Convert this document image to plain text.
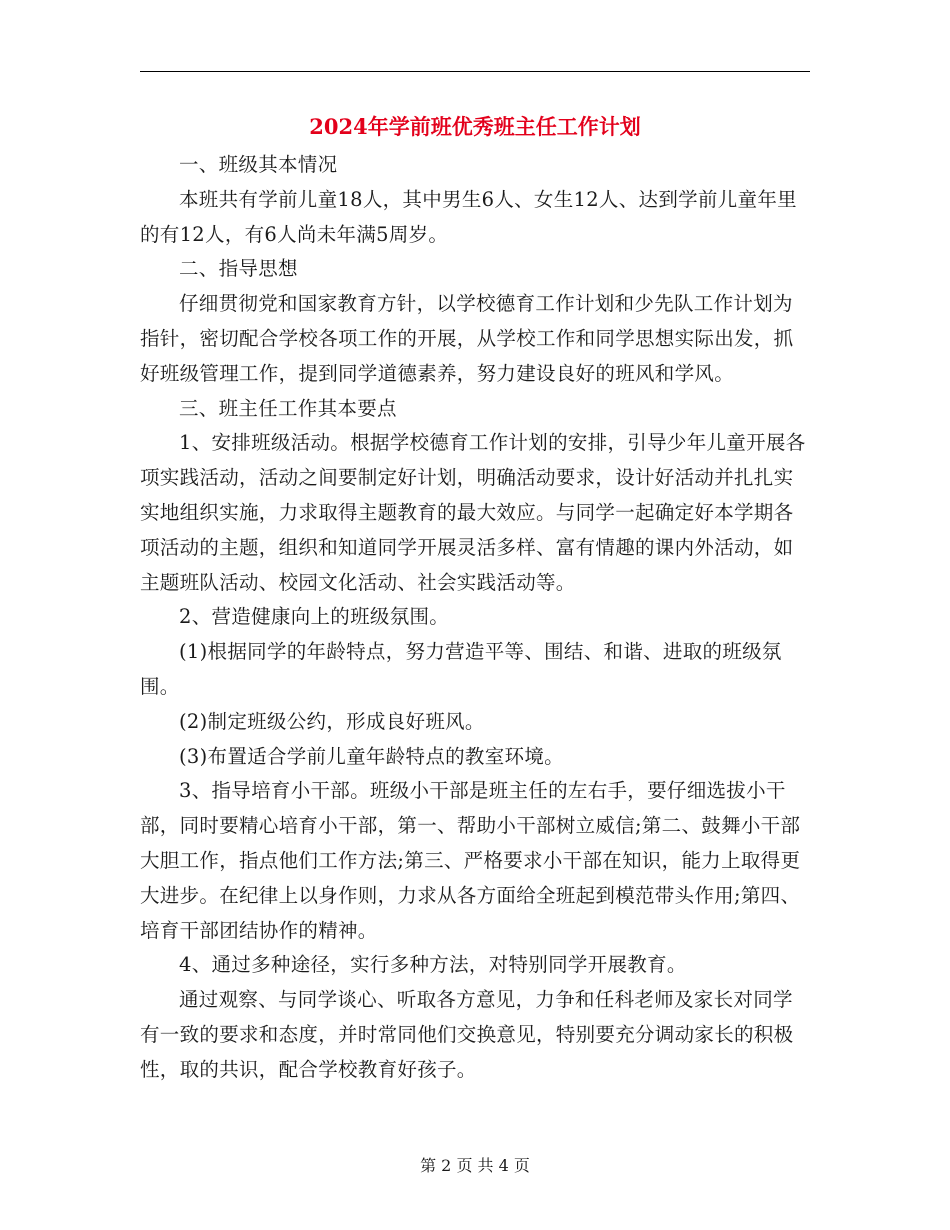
2024年学前班优秀班主任工作计划

一、班级其本情况

本班共有学前儿童18人，其中男生6人、女生12人、达到学前儿童年里的有12人，有6人尚未年满5周岁。

二、指导思想

仔细贯彻党和国家教育方针，以学校德育工作计划和少先队工作计划为指针，密切配合学校各项工作的开展，从学校工作和同学思想实际出发，抓好班级管理工作，提到同学道德素养，努力建设良好的班风和学风。

三、班主任工作其本要点

1、安排班级活动。根据学校德育工作计划的安排，引导少年儿童开展各项实践活动，活动之间要制定好计划，明确活动要求，设计好活动并扎扎实实地组织实施，力求取得主题教育的最大效应。与同学一起确定好本学期各项活动的主题，组织和知道同学开展灵活多样、富有情趣的课内外活动，如主题班队活动、校园文化活动、社会实践活动等。

2、营造健康向上的班级氛围。

(1)根据同学的年龄特点，努力营造平等、围结、和谐、进取的班级氛围。

(2)制定班级公约，形成良好班风。

(3)布置适合学前儿童年龄特点的教室环境。

3、指导培育小干部。班级小干部是班主任的左右手，要仔细选拔小干部，同时要精心培育小干部，第一、帮助小干部树立威信;第二、鼓舞小干部大胆工作，指点他们工作方法;第三、严格要求小干部在知识，能力上取得更大进步。在纪律上以身作则，力求从各方面给全班起到模范带头作用;第四、培育干部团结协作的精神。

4、通过多种途径，实行多种方法，对特别同学开展教育。

通过观察、与同学谈心、听取各方意见，力争和任科老师及家长对同学有一致的要求和态度，并时常同他们交换意见，特别要充分调动家长的积极性，取的共识，配合学校教育好孩子。

第 2 页 共 4 页
